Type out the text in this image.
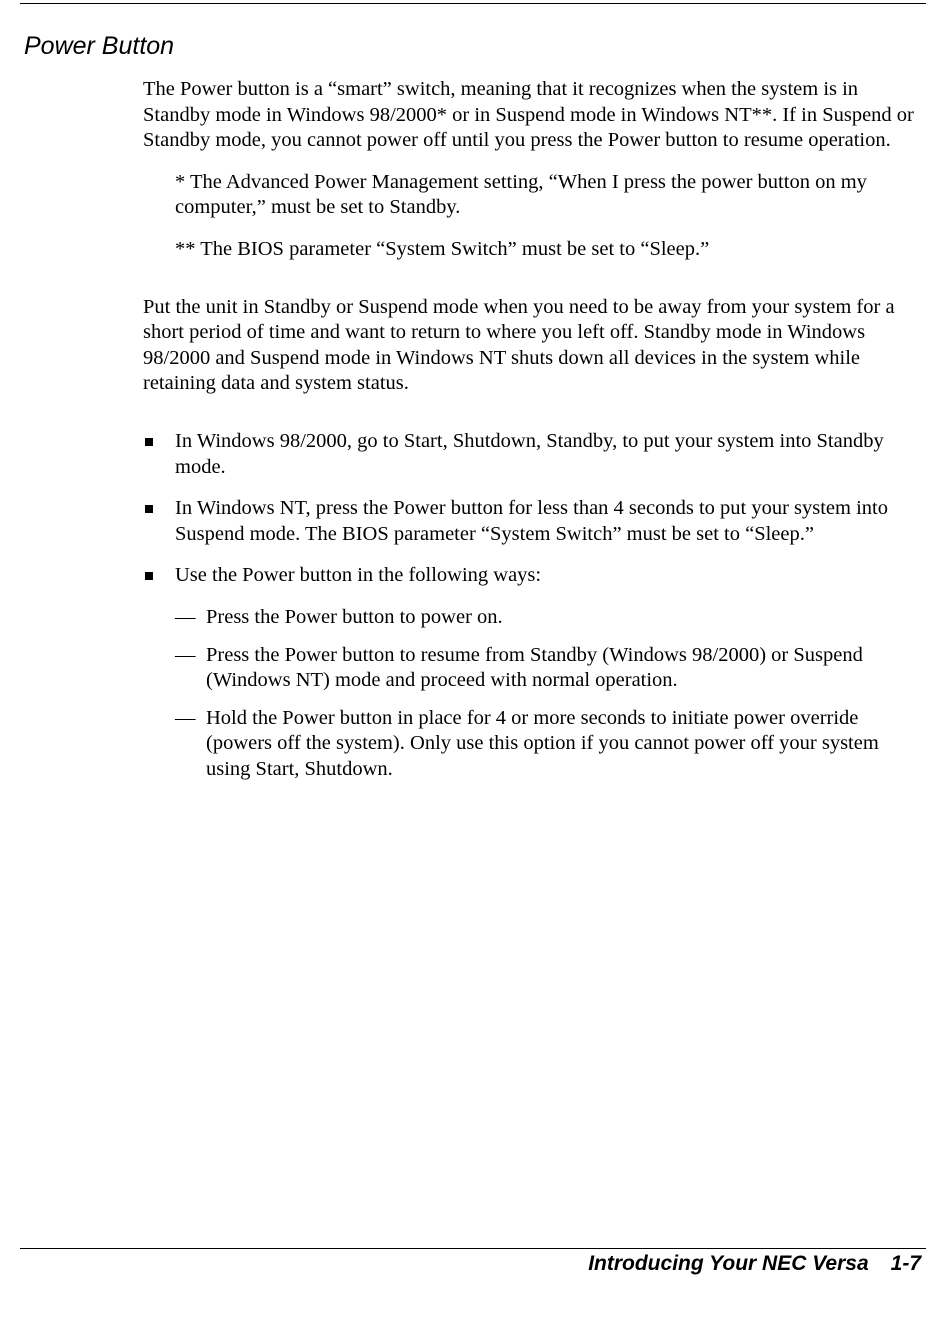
Power Button

The Power button is a “smart” switch, meaning that it recognizes when the system is in Standby mode in Windows 98/2000* or in Suspend mode in Windows NT**. If in Suspend or Standby mode, you cannot power off until you press the Power button to resume operation.

* The Advanced Power Management setting, “When I press the power button on my computer,” must be set to Standby.

** The BIOS parameter “System Switch” must be set to “Sleep.”

Put the unit in Standby or Suspend mode when you need to be away from your system for a short period of time and want to return to where you left off. Standby mode in Windows 98/2000 and Suspend mode in Windows NT shuts down all devices in the system while retaining data and system status.

In Windows 98/2000, go to Start, Shutdown, Standby, to put your system into Standby mode.
In Windows NT, press the Power button for less than 4 seconds to put your system into Suspend mode. The BIOS parameter “System Switch” must be set to “Sleep.”
Use the Power button in the following ways:
— Press the Power button to power on.
— Press the Power button to resume from Standby (Windows 98/2000) or Suspend (Windows NT) mode and proceed with normal operation.
— Hold the Power button in place for 4 or more seconds to initiate power override (powers off the system). Only use this option if you cannot power off your system using Start, Shutdown.
Introducing Your NEC Versa 1-7
